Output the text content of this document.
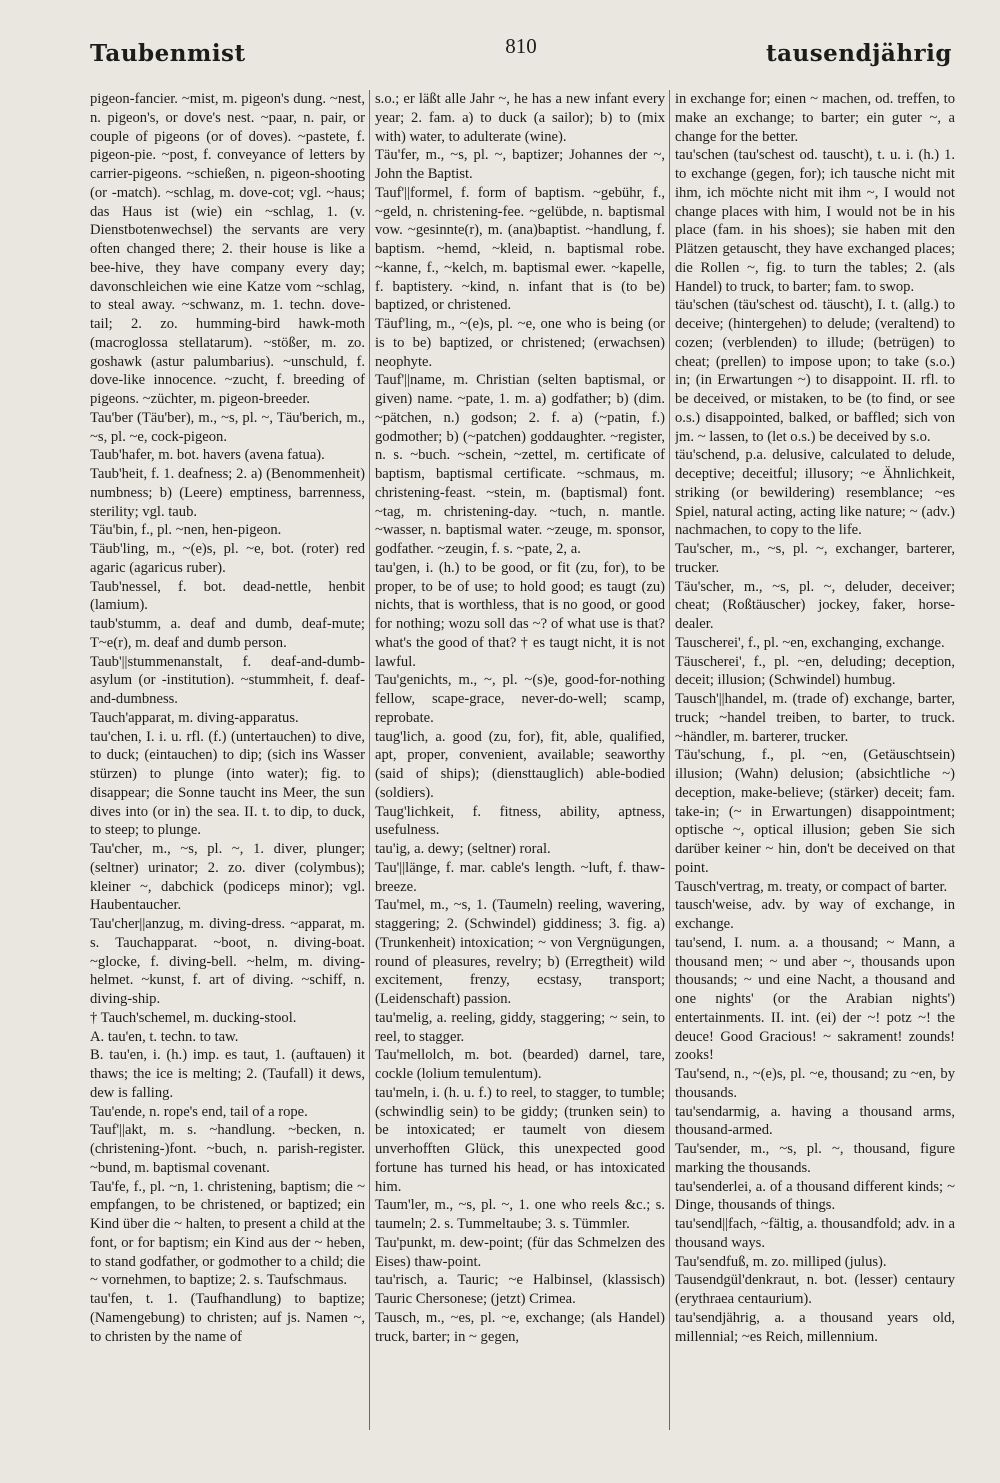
Taubenmist	810	tausendjährig

pigeon-fancier. ~mist, m. pigeon's dung. ~nest, n. pigeon's, or dove's nest. ~paar, n. pair, or couple of pigeons (or of doves). ~pastete, f. pigeon-pie. ~post, f. conveyance of letters by carrier-pigeons. ~schießen, n. pigeon-shooting (or -match). ~schlag, m. dove-cot; vgl. ~haus; das Haus ist (wie) ein ~schlag, 1. (v. Dienstbotenwechsel) the servants are very often changed there; 2. their house is like a bee-hive, they have company every day; davonschleichen wie eine Katze vom ~schlag, to steal away. ~schwanz, m. 1. techn. dove-tail; 2. zo. humming-bird hawk-moth (macroglossa stellatarum). ~stößer, m. zo. goshawk (astur palumbarius). ~unschuld, f. dove-like innocence. ~zucht, f. breeding of pigeons. ~züchter, m. pigeon-breeder.

Tau'ber (Täu'ber), m., ~s, pl. ~, Täu'berich, m., ~s, pl. ~e, cock-pigeon.

Taub'hafer, m. bot. havers (avena fatua).

Taub'heit, f. 1. deafness; 2. a) (Benommenheit) numbness; b) (Leere) emptiness, barrenness, sterility; vgl. taub.

Täu'bin, f., pl. ~nen, hen-pigeon.

Täub'ling, m., ~(e)s, pl. ~e, bot. (roter) red agaric (agaricus ruber).

Taub'nessel, f. bot. dead-nettle, henbit (lamium).

taub'stumm, a. deaf and dumb, deaf-mute; T~e(r), m. deaf and dumb person.

Taub'||stummenanstalt, f. deaf-and-dumb-asylum (or -institution). ~stummheit, f. deaf-and-dumbness.

Tauch'apparat, m. diving-apparatus.

tau'chen, I. i. u. rfl. (f.) (untertauchen) to dive, to duck; (eintauchen) to dip; (sich ins Wasser stürzen) to plunge (into water); fig. to disappear; die Sonne taucht ins Meer, the sun dives into (or in) the sea. II. t. to dip, to duck, to steep; to plunge.

Tau'cher, m., ~s, pl. ~, 1. diver, plunger; (seltner) urinator; 2. zo. diver (colymbus); kleiner ~, dabchick (podiceps minor); vgl. Haubentaucher.

Tau'cher||anzug, m. diving-dress. ~apparat, m. s. Tauchapparat. ~boot, n. diving-boat. ~glocke, f. diving-bell. ~helm, m. diving-helmet. ~kunst, f. art of diving. ~schiff, n. diving-ship.

† Tauch'schemel, m. ducking-stool.

A. tau'en, t. techn. to taw.

B. tau'en, i. (h.) imp. es taut, 1. (auftauen) it thaws; the ice is melting; 2. (Taufall) it dews, dew is falling.

Tau'ende, n. rope's end, tail of a rope.

Tauf'||akt, m. s. ~handlung. ~becken, n. (christening-)font. ~buch, n. parish-register. ~bund, m. baptismal covenant.

Tau'fe, f., pl. ~n, 1. christening, baptism; die ~ empfangen, to be christened, or baptized; ein Kind über die ~ halten, to present a child at the font, or for baptism; ein Kind aus der ~ heben, to stand godfather, or godmother to a child; die ~ vornehmen, to baptize; 2. s. Taufschmaus.

tau'fen, t. 1. (Taufhandlung) to baptize; (Namengebung) to christen; auf js. Namen ~, to christen by the name of

s.o.; er läßt alle Jahr ~, he has a new infant every year; 2. fam. a) to duck (a sailor); b) to (mix with) water, to adulterate (wine).

Täu'fer, m., ~s, pl. ~, baptizer; Johannes der ~, John the Baptist.

Tauf'||formel, f. form of baptism. ~gebühr, f., ~geld, n. christening-fee. ~gelübde, n. baptismal vow. ~gesinnte(r), m. (ana)baptist. ~handlung, f. baptism. ~hemd, ~kleid, n. baptismal robe. ~kanne, f., ~kelch, m. baptismal ewer. ~kapelle, f. baptistery. ~kind, n. infant that is (to be) baptized, or christened.

Täuf'ling, m., ~(e)s, pl. ~e, one who is being (or is to be) baptized, or christened; (erwachsen) neophyte.

Tauf'||name, m. Christian (selten baptismal, or given) name. ~pate, 1. m. a) godfather; b) (dim. ~pätchen, n.) godson; 2. f. a) (~patin, f.) godmother; b) (~patchen) goddaughter. ~register, n. s. ~buch. ~schein, ~zettel, m. certificate of baptism, baptismal certificate. ~schmaus, m. christening-feast. ~stein, m. (baptismal) font. ~tag, m. christening-day. ~tuch, n. mantle. ~wasser, n. baptismal water. ~zeuge, m. sponsor, godfather. ~zeugin, f. s. ~pate, 2, a.

tau'gen, i. (h.) to be good, or fit (zu, for), to be proper, to be of use; to hold good; es taugt (zu) nichts, that is worthless, that is no good, or good for nothing; wozu soll das ~? of what use is that? what's the good of that? † es taugt nicht, it is not lawful.

Tau'genichts, m., ~, pl. ~(s)e, good-for-nothing fellow, scape-grace, never-do-well; scamp, reprobate.

taug'lich, a. good (zu, for), fit, able, qualified, apt, proper, convenient, available; seaworthy (said of ships); (diensttauglich) able-bodied (soldiers).

Taug'lichkeit, f. fitness, ability, aptness, usefulness.

tau'ig, a. dewy; (seltner) roral.

Tau'||länge, f. mar. cable's length. ~luft, f. thaw-breeze.

Tau'mel, m., ~s, 1. (Taumeln) reeling, wavering, staggering; 2. (Schwindel) giddiness; 3. fig. a) (Trunkenheit) intoxication; ~ von Vergnügungen, round of pleasures, revelry; b) (Erregtheit) wild excitement, frenzy, ecstasy, transport; (Leidenschaft) passion.

tau'melig, a. reeling, giddy, staggering; ~ sein, to reel, to stagger.

Tau'mellolch, m. bot. (bearded) darnel, tare, cockle (lolium temulentum).

tau'meln, i. (h. u. f.) to reel, to stagger, to tumble; (schwindlig sein) to be giddy; (trunken sein) to be intoxicated; er taumelt von diesem unverhofften Glück, this unexpected good fortune has turned his head, or has intoxicated him.

Taum'ler, m., ~s, pl. ~, 1. one who reels &c.; s. taumeln; 2. s. Tummeltaube; 3. s. Tümmler.

Tau'punkt, m. dew-point; (für das Schmelzen des Eises) thaw-point.

tau'risch, a. Tauric; ~e Halbinsel, (klassisch) Tauric Chersonese; (jetzt) Crimea.

Tausch, m., ~es, pl. ~e, exchange; (als Handel) truck, barter; in ~ gegen,

in exchange for; einen ~ machen, od. treffen, to make an exchange; to barter; ein guter ~, a change for the better.

tau'schen (tau'schest od. tauscht), t. u. i. (h.) 1. to exchange (gegen, for); ich tausche nicht mit ihm, ich möchte nicht mit ihm ~, I would not change places with him, I would not be in his place (fam. in his shoes); sie haben mit den Plätzen getauscht, they have exchanged places; die Rollen ~, fig. to turn the tables; 2. (als Handel) to truck, to barter; fam. to swop.

täu'schen (täu'schest od. täuscht), I. t. (allg.) to deceive; (hintergehen) to delude; (veraltend) to cozen; (verblenden) to illude; (betrügen) to cheat; (prellen) to impose upon; to take (s.o.) in; (in Erwartungen ~) to disappoint. II. rfl. to be deceived, or mistaken, to be (to find, or see o.s.) disappointed, balked, or baffled; sich von jm. ~ lassen, to (let o.s.) be deceived by s.o.

täu'schend, p.a. delusive, calculated to delude, deceptive; deceitful; illusory; ~e Ähnlichkeit, striking (or bewildering) resemblance; ~es Spiel, natural acting, acting like nature; ~ (adv.) nachmachen, to copy to the life.

Tau'scher, m., ~s, pl. ~, exchanger, barterer, trucker.

Täu'scher, m., ~s, pl. ~, deluder, deceiver; cheat; (Roßtäuscher) jockey, faker, horse-dealer.

Tauscherei', f., pl. ~en, exchanging, exchange.

Täuscherei', f., pl. ~en, deluding; deception, deceit; illusion; (Schwindel) humbug.

Tausch'||handel, m. (trade of) exchange, barter, truck; ~handel treiben, to barter, to truck. ~händler, m. barterer, trucker.

Täu'schung, f., pl. ~en, (Getäuschtsein) illusion; (Wahn) delusion; (absichtliche ~) deception, make-believe; (stärker) deceit; fam. take-in; (~ in Erwartungen) disappointment; optische ~, optical illusion; geben Sie sich darüber keiner ~ hin, don't be deceived on that point.

Tausch'vertrag, m. treaty, or compact of barter.

tausch'weise, adv. by way of exchange, in exchange.

tau'send, I. num. a. a thousand; ~ Mann, a thousand men; ~ und aber ~, thousands upon thousands; ~ und eine Nacht, a thousand and one nights' (or the Arabian nights') entertainments. II. int. (ei) der ~! potz ~! the deuce! Good Gracious! ~ sakrament! zounds! zooks!

Tau'send, n., ~(e)s, pl. ~e, thousand; zu ~en, by thousands.

tau'sendarmig, a. having a thousand arms, thousand-armed.

Tau'sender, m., ~s, pl. ~, thousand, figure marking the thousands.

tau'senderlei, a. of a thousand different kinds; ~ Dinge, thousands of things.

tau'send||fach, ~fältig, a. thousandfold; adv. in a thousand ways.

Tau'sendfuß, m. zo. milliped (julus).

Tausendgül'denkraut, n. bot. (lesser) centaury (erythraea centaurium).

tau'sendjährig, a. a thousand years old, millennial; ~es Reich, millennium.
